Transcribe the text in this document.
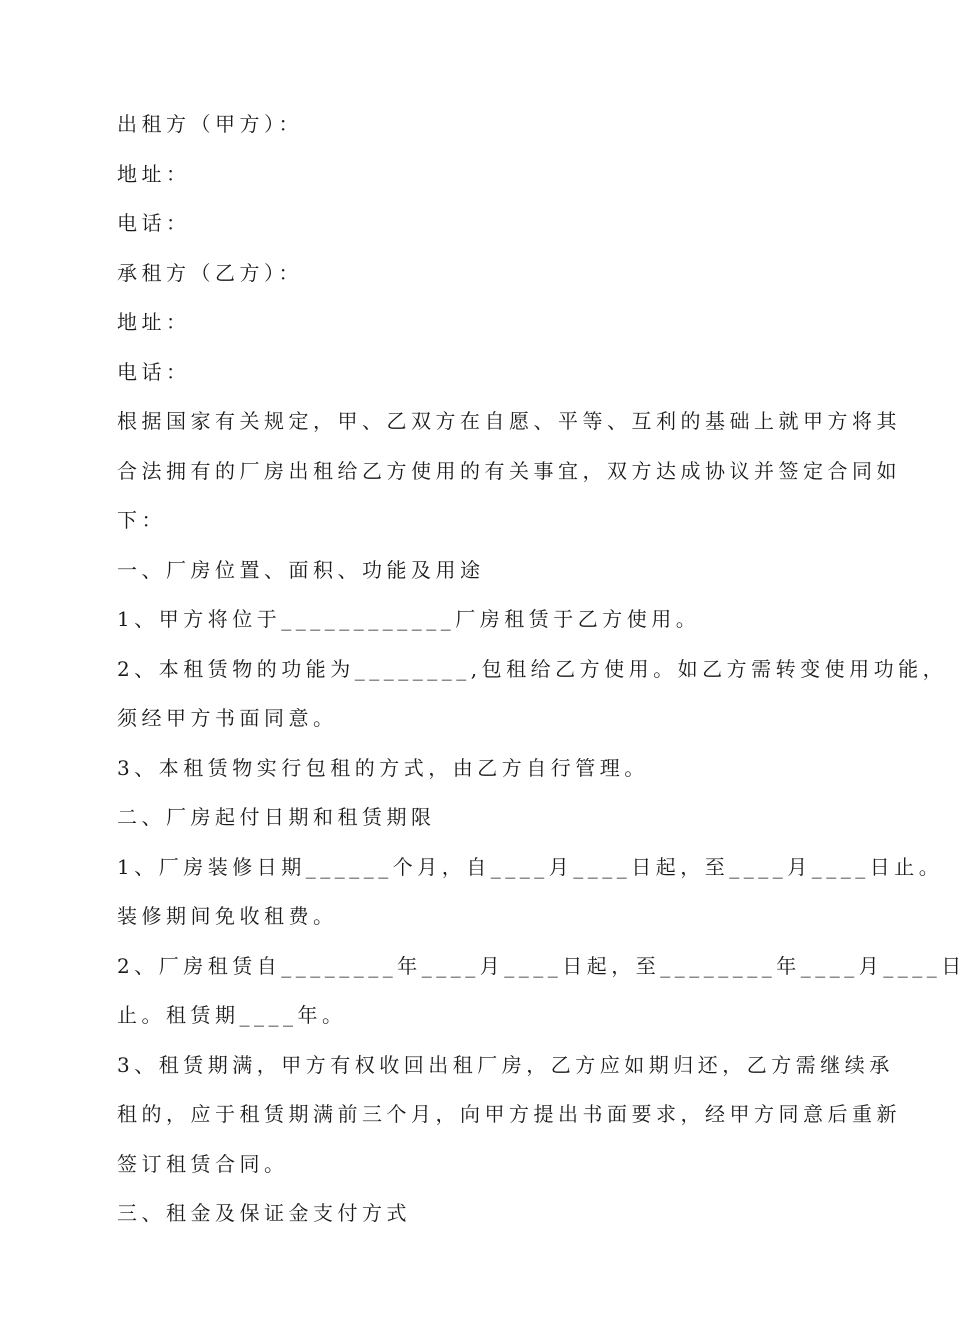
出租方（甲方）：
地址：
电话：
承租方（乙方）：
地址：
电话：
根据国家有关规定，甲、乙双方在自愿、平等、互利的基础上就甲方将其
合法拥有的厂房出租给乙方使用的有关事宜，双方达成协议并签定合同如
下：
一、厂房位置、面积、功能及用途
1、甲方将位于____________厂房租赁于乙方使用。
2、本租赁物的功能为________,包租给乙方使用。如乙方需转变使用功能，
须经甲方书面同意。
3、本租赁物实行包租的方式，由乙方自行管理。
二、厂房起付日期和租赁期限
1、厂房装修日期______个月，自____月____日起，至____月____日止。
装修期间免收租费。
2、厂房租赁自________年____月____日起，至________年____月____日
止。租赁期____年。
3、租赁期满，甲方有权收回出租厂房，乙方应如期归还，乙方需继续承
租的，应于租赁期满前三个月，向甲方提出书面要求，经甲方同意后重新
签订租赁合同。
三、租金及保证金支付方式
